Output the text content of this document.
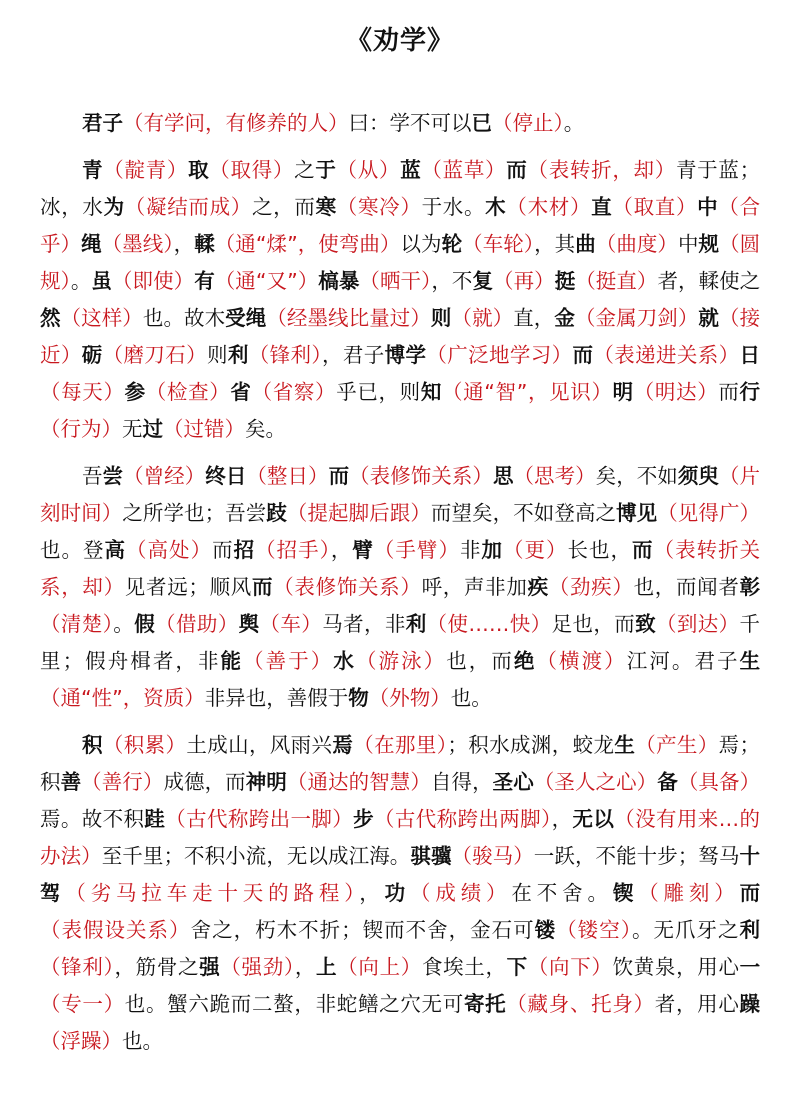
《劝学》

君子（有学问，有修养的人）曰：学不可以已（停止）。

青（靛青）取（取得）之于（从）蓝（蓝草）而（表转折，却）青于蓝；冰，水为（凝结而成）之，而寒（寒冷）于水。木（木材）直（取直）中（合乎）绳（墨线），輮（通“煣”，使弯曲）以为轮（车轮），其曲（曲度）中规（圆规）。虽（即使）有（通“又”）槁暴（晒干），不复（再）挺（挺直）者，輮使之然（这样）也。故木受绳（经墨线比量过）则（就）直，金（金属刀剑）就（接近）砺（磨刀石）则利（锋利），君子博学（广泛地学习）而（表递进关系）日（每天）参（检查）省（省察）乎已，则知（通“智”，见识）明（明达）而行（行为）无过（过错）矣。

吾尝（曾经）终日（整日）而（表修饰关系）思（思考）矣，不如须臾（片刻时间）之所学也；吾尝跂（提起脚后跟）而望矣，不如登高之博见（见得广）也。登高（高处）而招（招手），臂（手臂）非加（更）长也，而（表转折关系，却）见者远；顺风而（表修饰关系）呼，声非加疾（劲疾）也，而闻者彰（清楚）。假（借助）舆（车）马者，非利（使……快）足也，而致（到达）千里；假舟楫者，非能（善于）水（游泳）也，而绝（横渡）江河。君子生（通“性”，资质）非异也，善假于物（外物）也。

积（积累）土成山，风雨兴焉（在那里）；积水成渊，蛟龙生（产生）焉；积善（善行）成德，而神明（通达的智慧）自得，圣心（圣人之心）备（具备）焉。故不积跬（古代称跨出一脚）步（古代称跨出两脚），无以（没有用来…的办法）至千里；不积小流，无以成江海。骐骥（骏马）一跃，不能十步；驽马十驾（劣马拉车走十天的路程），功（成绩）在不舍。锲（雕刻）而（表假设关系）舍之，朽木不折；锲而不舍，金石可镂（镂空）。无爪牙之利（锋利），筋骨之强（强劲），上（向上）食埃土，下（向下）饮黄泉，用心一（专一）也。蟹六跪而二螯，非蛇鳝之穴无可寄托（藏身、托身）者，用心躁（浮躁）也。
